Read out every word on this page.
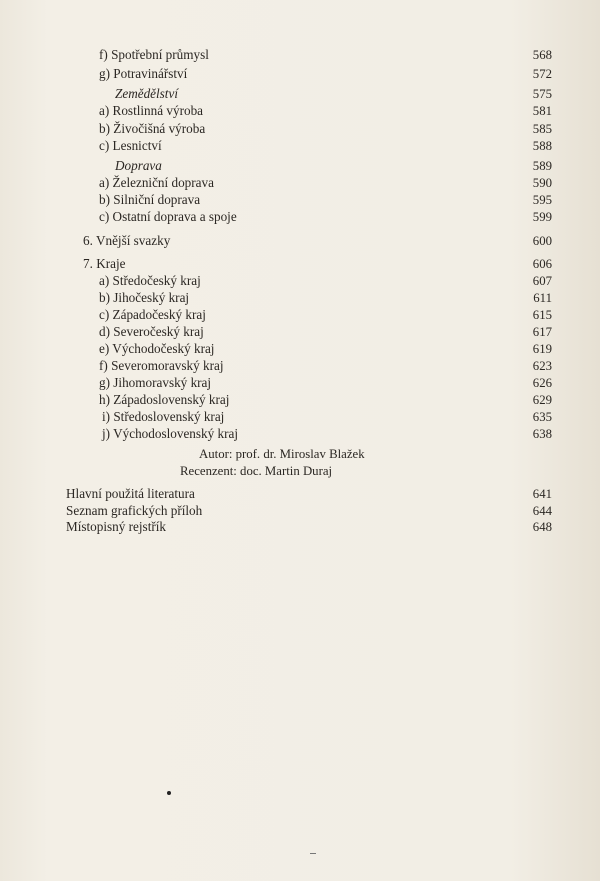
f) Spotřební průmysl	568
g) Potravinářství	572
Zemědělství	575
a) Rostlinná výroba	581
b) Živočišná výroba	585
c) Lesnictví	588
Doprava	589
a) Železniční doprava	590
b) Silniční doprava	595
c) Ostatní doprava a spoje	599
6. Vnější svazky	600
7. Kraje	606
a) Středočeský kraj	607
b) Jihočeský kraj	611
c) Západočeský kraj	615
d) Severočeský kraj	617
e) Východočeský kraj	619
f) Severomoravský kraj	623
g) Jihomoravský kraj	626
h) Západoslovenský kraj	629
i) Středoslovenský kraj	635
j) Východoslovenský kraj	638
Autor: prof. dr. Miroslav Blažek
Recenzent: doc. Martin Duraj
Hlavní použitá literatura	641
Seznam grafických příloh	644
Místopisný rejstřík	648
